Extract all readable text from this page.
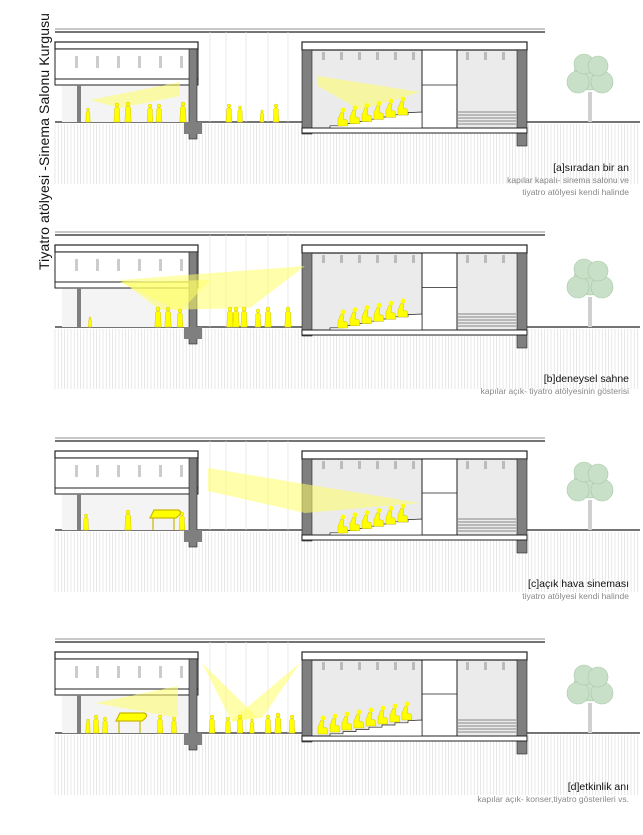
Tiyatro atölyesi -Sinema Salonu Kurgusu	[a]sıradan bir an
kapılar kapalı- sinema salonu ve
tiyatro atölyesi kendi halinde
[b]deneysel sahne
kapılar açık- tiyatro atölyesinin gösterisi
[c]açık hava sineması
tiyatro atölyesi kendi halinde
[d]etkinlik anı
kapılar açık- konser,tiyatro gösterileri vs.
